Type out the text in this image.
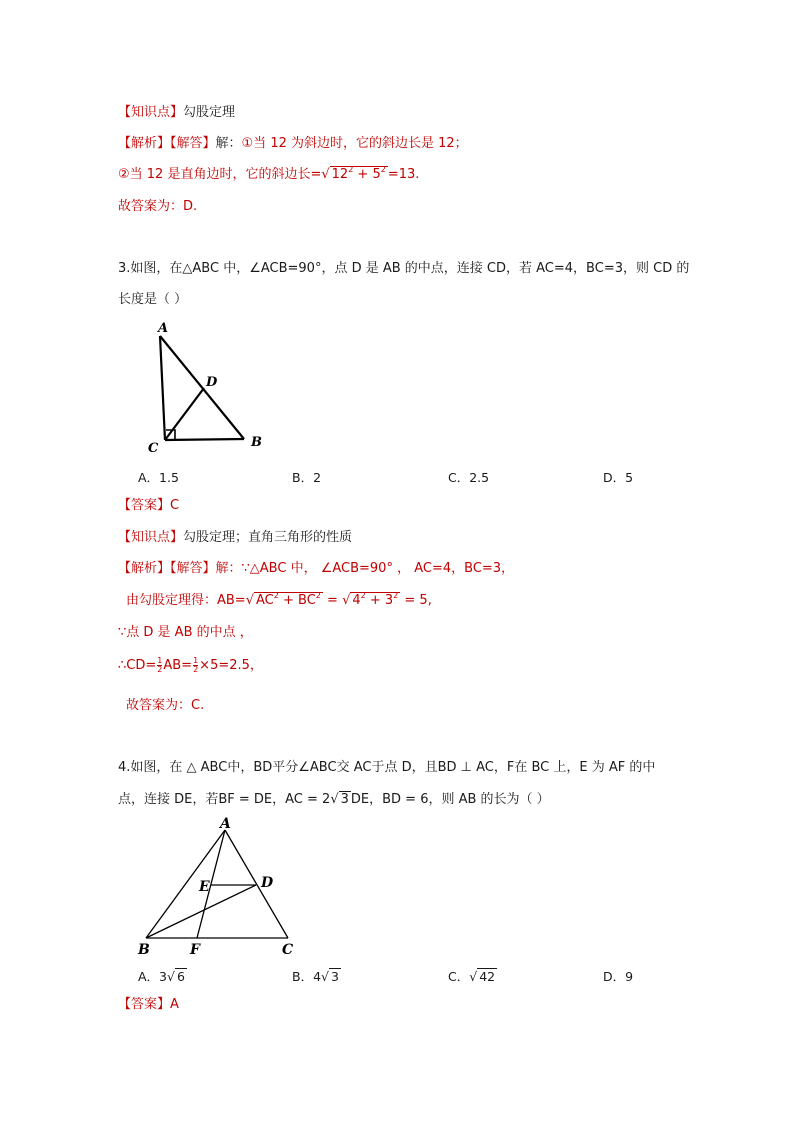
【知识点】勾股定理
【解析】【解答】解：①当 12 为斜边时，它的斜边长是 12；
②当 12 是直角边时，它的斜边长=√ $12^2 + 5^2 =13$.
故答案为：D.
3.如图，在△ABC 中，∠ACB=90°，点 D 是 AB 的中点，连接 CD，若 AC=4，BC=3，则 CD 的
长度是（ ）
A
D
C	B
A．1.5	B．2	C．2.5	D．5
【答案】C
【知识点】勾股定理；直角三角形的性质
【解析】【解答】解：∵△ABC 中， ∠ACB=90° ， AC=4，BC=3，
由勾股定理得：AB=√ $AC^2 + BC^2$ = √ $4^2 + 3^2 = 5$,
∵点 D 是 AB 的中点 ，
∴CD= $\frac{1}{2} AB= \frac{1}{2} \times 5=2.5$，
故答案为：C.
4.如图，在 △ ABC中，BD平分∠ABC交 AC于点 D，且BD ⊥ AC，F在 BC 上，E 为 AF 的中
点，连接 DE，若BF = DE，AC = 2√ 3 DE，BD = 6，则 AB 的长为（ ）
A
D
E
B	F	C
A．3√ 6	B．4√ 3	C．√ 42	D．9
【答案】A
